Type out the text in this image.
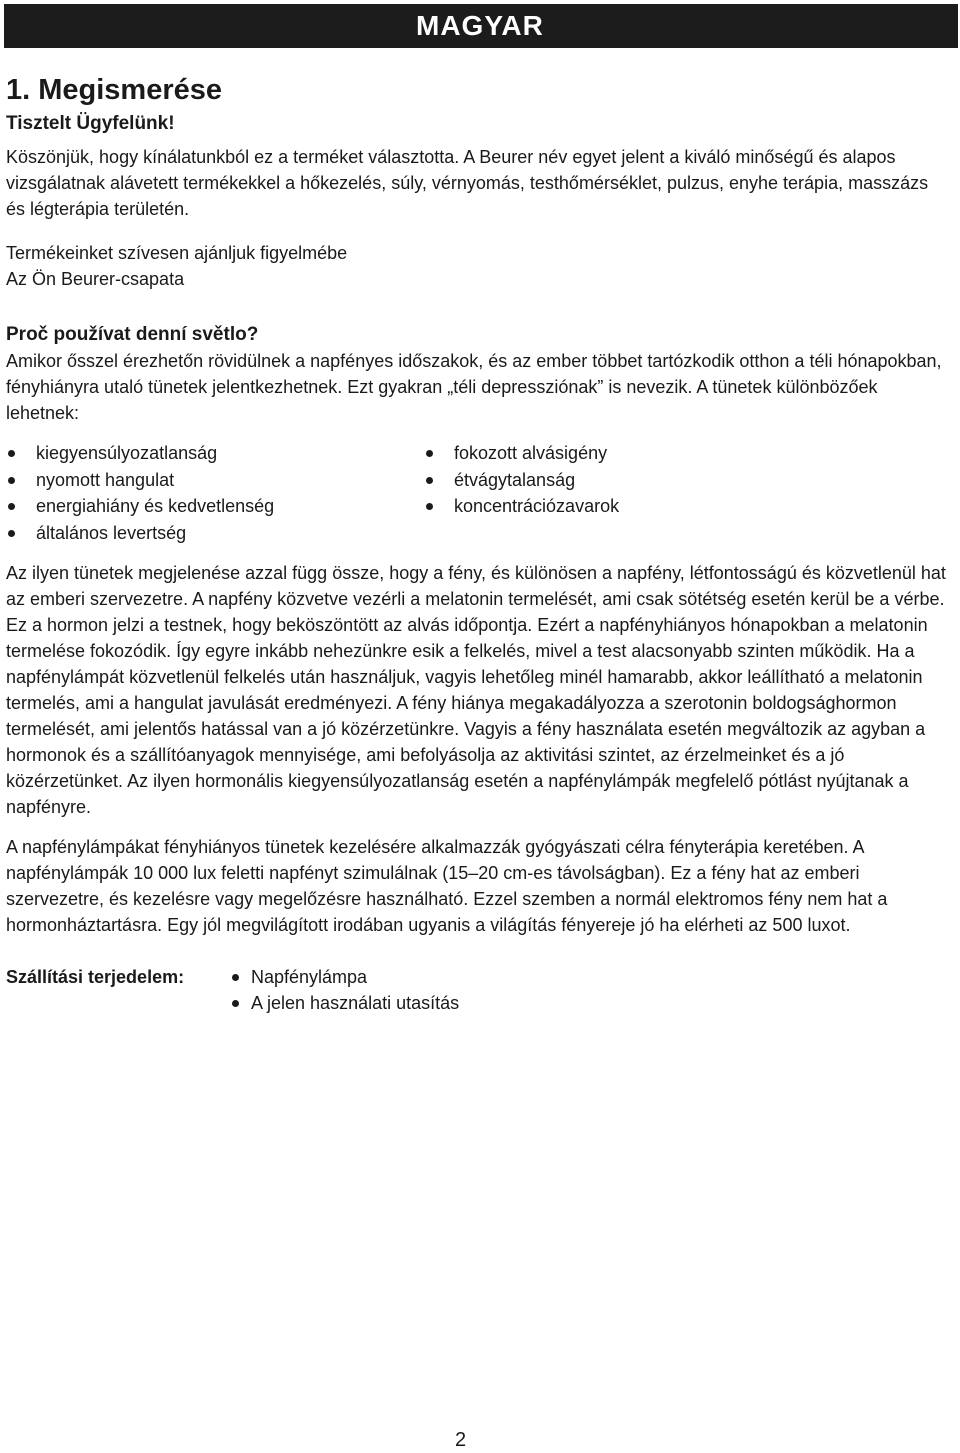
MAGYAR
1. Megismerése
Tisztelt Ügyfelünk!

Köszönjük, hogy kínálatunkból ez a terméket választotta. A Beurer név egyet jelent a kiváló minőségű és alapos vizsgálatnak alávetett termékekkel a hőkezelés, súly, vérnyomás, testhőmérséklet, pulzus, enyhe terápia, masszázs és légterápia területén.

Termékeinket szívesen ajánljuk figyelmébe
Az Ön Beurer-csapata
Proč používat denní světlo?

Amikor ősszel érezhetőn rövidülnek a napfényes időszakok, és az ember többet tartózkodik otthon a téli hónapokban, fényhiányra utaló tünetek jelentkezhetnek. Ezt gyakran „téli depressziónak” is nevezik. A tünetek különbözőek lehetnek:

kiegyensúlyozatlanság
nyomott hangulat
energiahiány és kedvetlenség
általános levertség
fokozott alvásigény
étvágytalanság
koncentrációzavarok

Az ilyen tünetek megjelenése azzal függ össze, hogy a fény, és különösen a napfény, létfontosságú és közvetlenül hat az emberi szervezetre. A napfény közvetve vezérli a melatonin termelését, ami csak sötétség esetén kerül be a vérbe. Ez a hormon jelzi a testnek, hogy beköszöntött az alvás időpontja. Ezért a napfényhiányos hónapokban a melatonin termelése fokozódik. Így egyre inkább nehezünkre esik a felkelés, mivel a test alacsonyabb szinten működik. Ha a napfénylámpát közvetlenül felkelés után használjuk, vagyis lehetőleg minél hamarabb, akkor leállítható a melatonin termelés, ami a hangulat javulását eredményezi. A fény hiánya megakadályozza a szerotonin boldogsághormon termelését, ami jelentős hatással van a jó közérzetünkre. Vagyis a fény használata esetén megváltozik az agyban a hormonok és a szállítóanyagok mennyisége, ami befolyásolja az aktivitási szintet, az érzelmeinket és a jó közérzetünket. Az ilyen hormonális kiegyensúlyozatlanság esetén a napfénylámpák megfelelő pótlást nyújtanak a napfényre.

A napfénylámpákat fényhiányos tünetek kezelésére alkalmazzák gyógyászati célra fényterápia keretében. A napfénylámpák 10 000 lux feletti napfényt szimulálnak (15–20 cm-es távolságban). Ez a fény hat az emberi szervezetre, és kezelésre vagy megelőzésre használható. Ezzel szemben a normál elektromos fény nem hat a hormonháztartásra. Egy jól megvilágított irodában ugyanis a világítás fényereje jó ha elérheti az 500 luxot.

Szállítási terjedelem:	Napfénylámpa
A jelen használati utasítás
2
